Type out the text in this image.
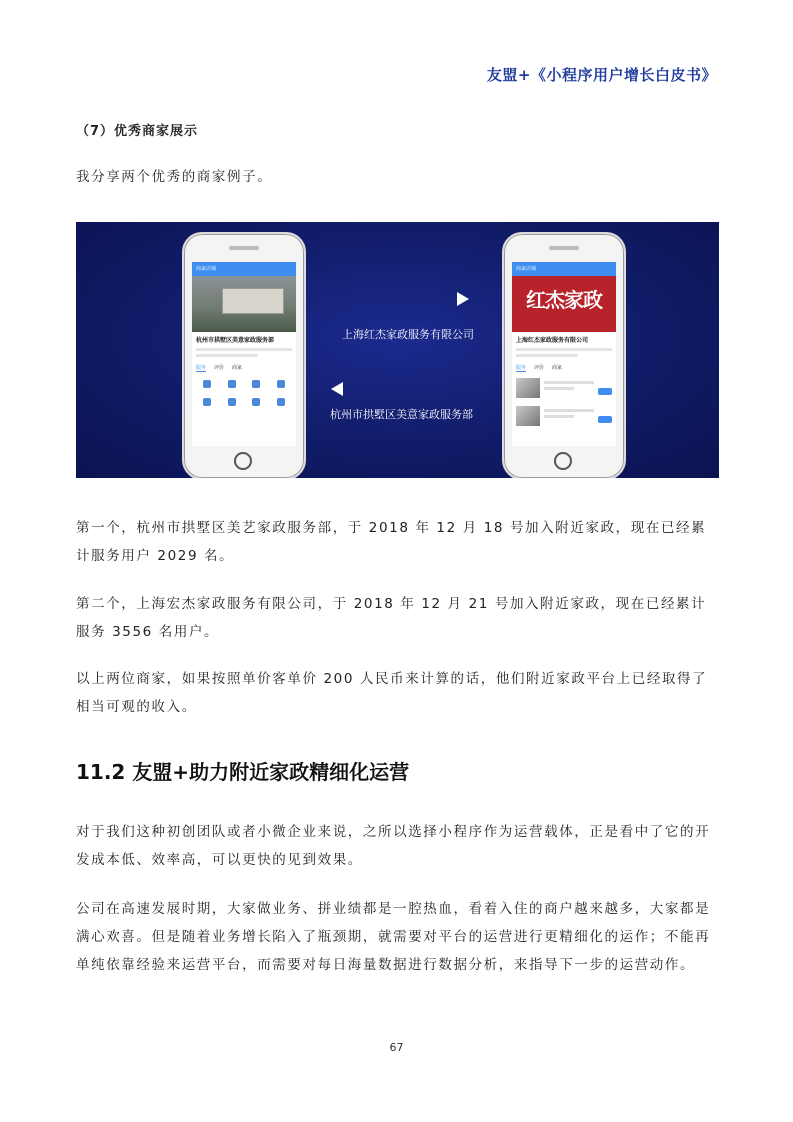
友盟+《小程序用户增长白皮书》
（7）优秀商家展示
我分享两个优秀的商家例子。
商家店铺
杭州市拱墅区美意家政服务部
服务 评价 商家
上海红杰家政服务有限公司
杭州市拱墅区美意家政服务部
商家店铺
红杰家政
上海红杰家政服务有限公司
服务 评价 商家
第一个，杭州市拱墅区美艺家政服务部，于 2018 年 12 月 18 号加入附近家政，现在已经累计服务用户 2029 名。
第二个，上海宏杰家政服务有限公司，于 2018 年 12 月 21 号加入附近家政，现在已经累计服务 3556 名用户。
以上两位商家，如果按照单价客单价 200 人民币来计算的话，他们附近家政平台上已经取得了相当可观的收入。
11.2 友盟+助力附近家政精细化运营
对于我们这种初创团队或者小微企业来说，之所以选择小程序作为运营载体，正是看中了它的开发成本低、效率高，可以更快的见到效果。
公司在高速发展时期，大家做业务、拼业绩都是一腔热血，看着入住的商户越来越多，大家都是满心欢喜。但是随着业务增长陷入了瓶颈期，就需要对平台的运营进行更精细化的运作；不能再单纯依靠经验来运营平台，而需要对每日海量数据进行数据分析，来指导下一步的运营动作。
67
